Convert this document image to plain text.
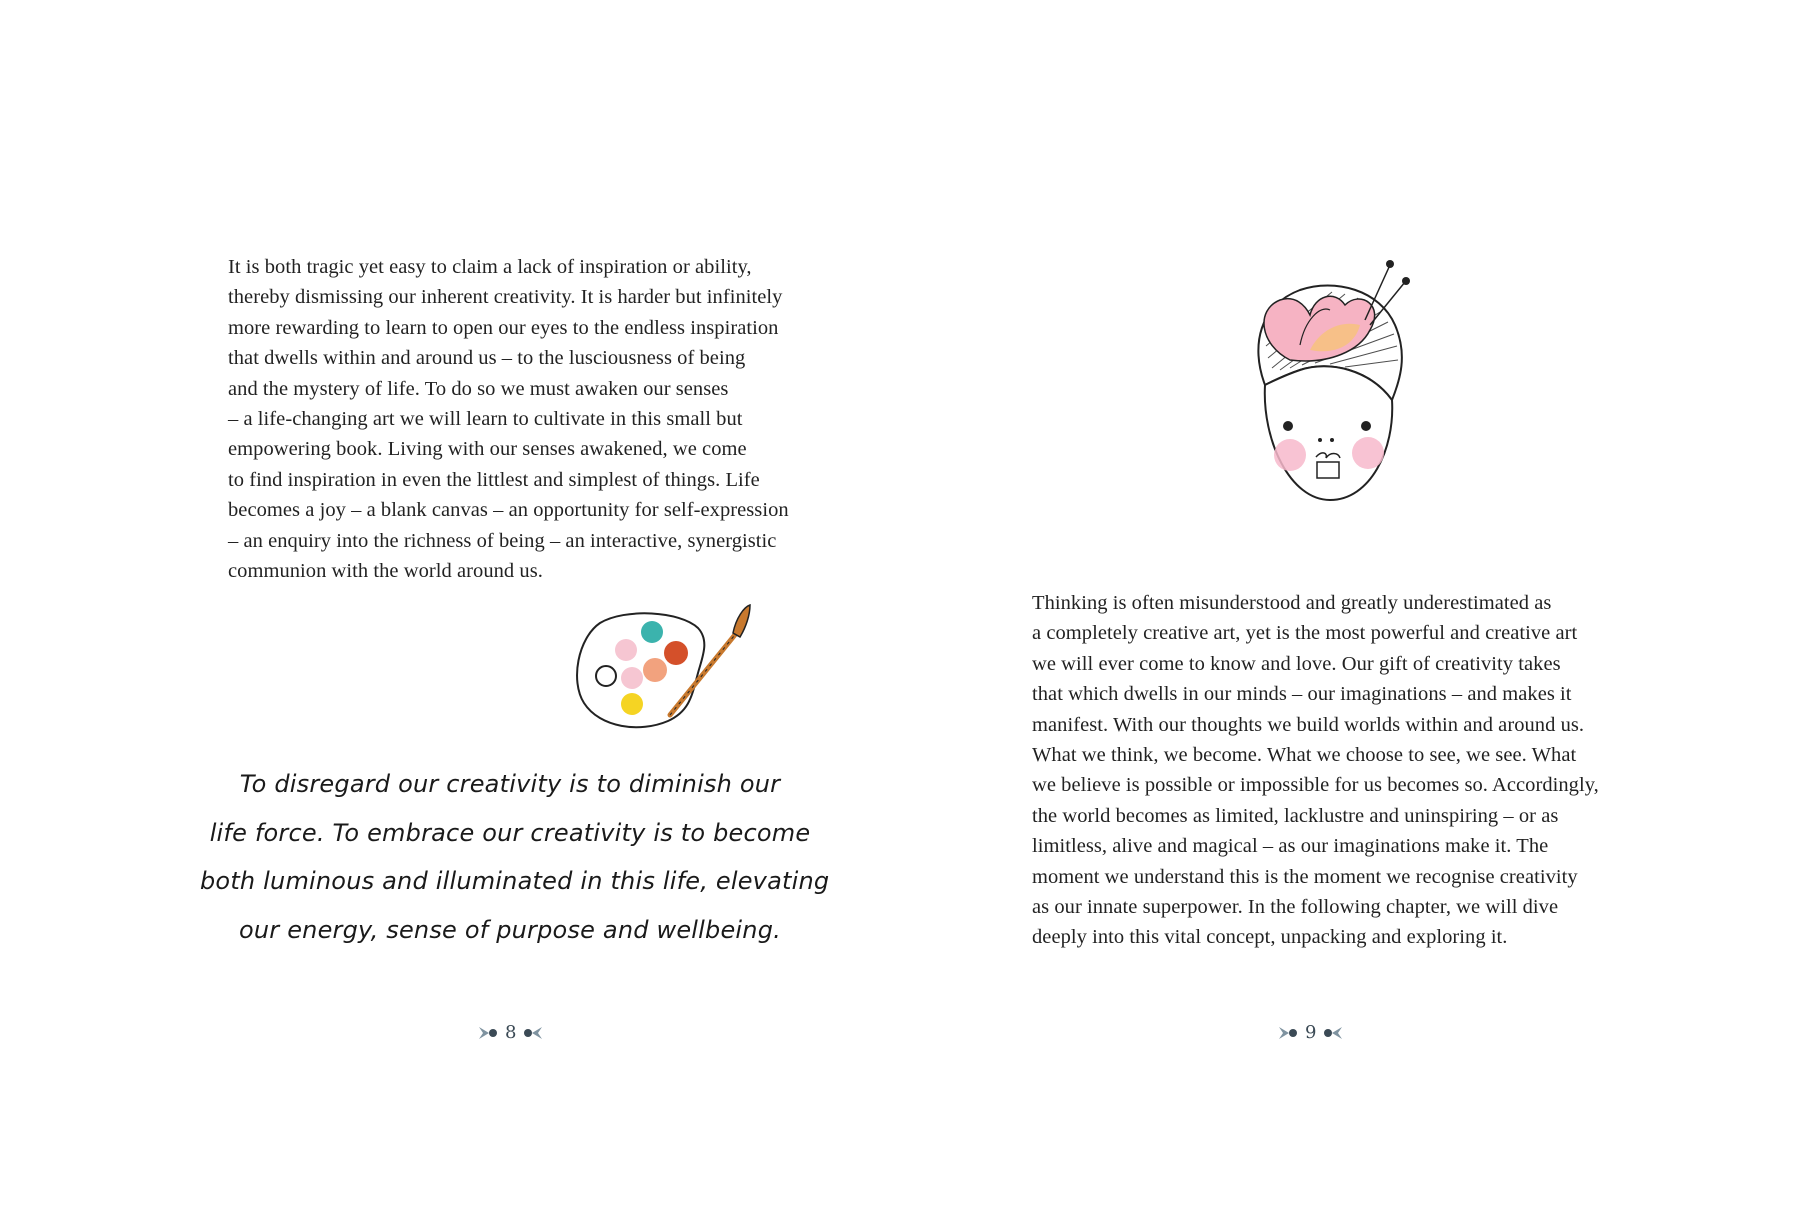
It is both tragic yet easy to claim a lack of inspiration or ability,

thereby dismissing our inherent creativity. It is harder but infinitely

more rewarding to learn to open our eyes to the endless inspiration

that dwells within and around us – to the lusciousness of being

and the mystery of life. To do so we must awaken our senses

– a life-changing art we will learn to cultivate in this small but

empowering book. Living with our senses awakened, we come

to find inspiration in even the littlest and simplest of things. Life

becomes a joy – a blank canvas – an opportunity for self-expression

– an enquiry into the richness of being – an interactive, synergistic

communion with the world around us.

To disregard our creativity is to diminish our

life force. To embrace our creativity is to become

both luminous and illuminated in this life, elevating

our energy, sense of purpose and wellbeing.

8

Thinking is often misunderstood and greatly underestimated as

a completely creative art, yet is the most powerful and creative art

we will ever come to know and love. Our gift of creativity takes

that which dwells in our minds – our imaginations – and makes it

manifest. With our thoughts we build worlds within and around us.

What we think, we become. What we choose to see, we see. What

we believe is possible or impossible for us becomes so. Accordingly,

the world becomes as limited, lacklustre and uninspiring – or as

limitless, alive and magical – as our imaginations make it. The

moment we understand this is the moment we recognise creativity

as our innate superpower. In the following chapter, we will dive

deeply into this vital concept, unpacking and exploring it.

9
